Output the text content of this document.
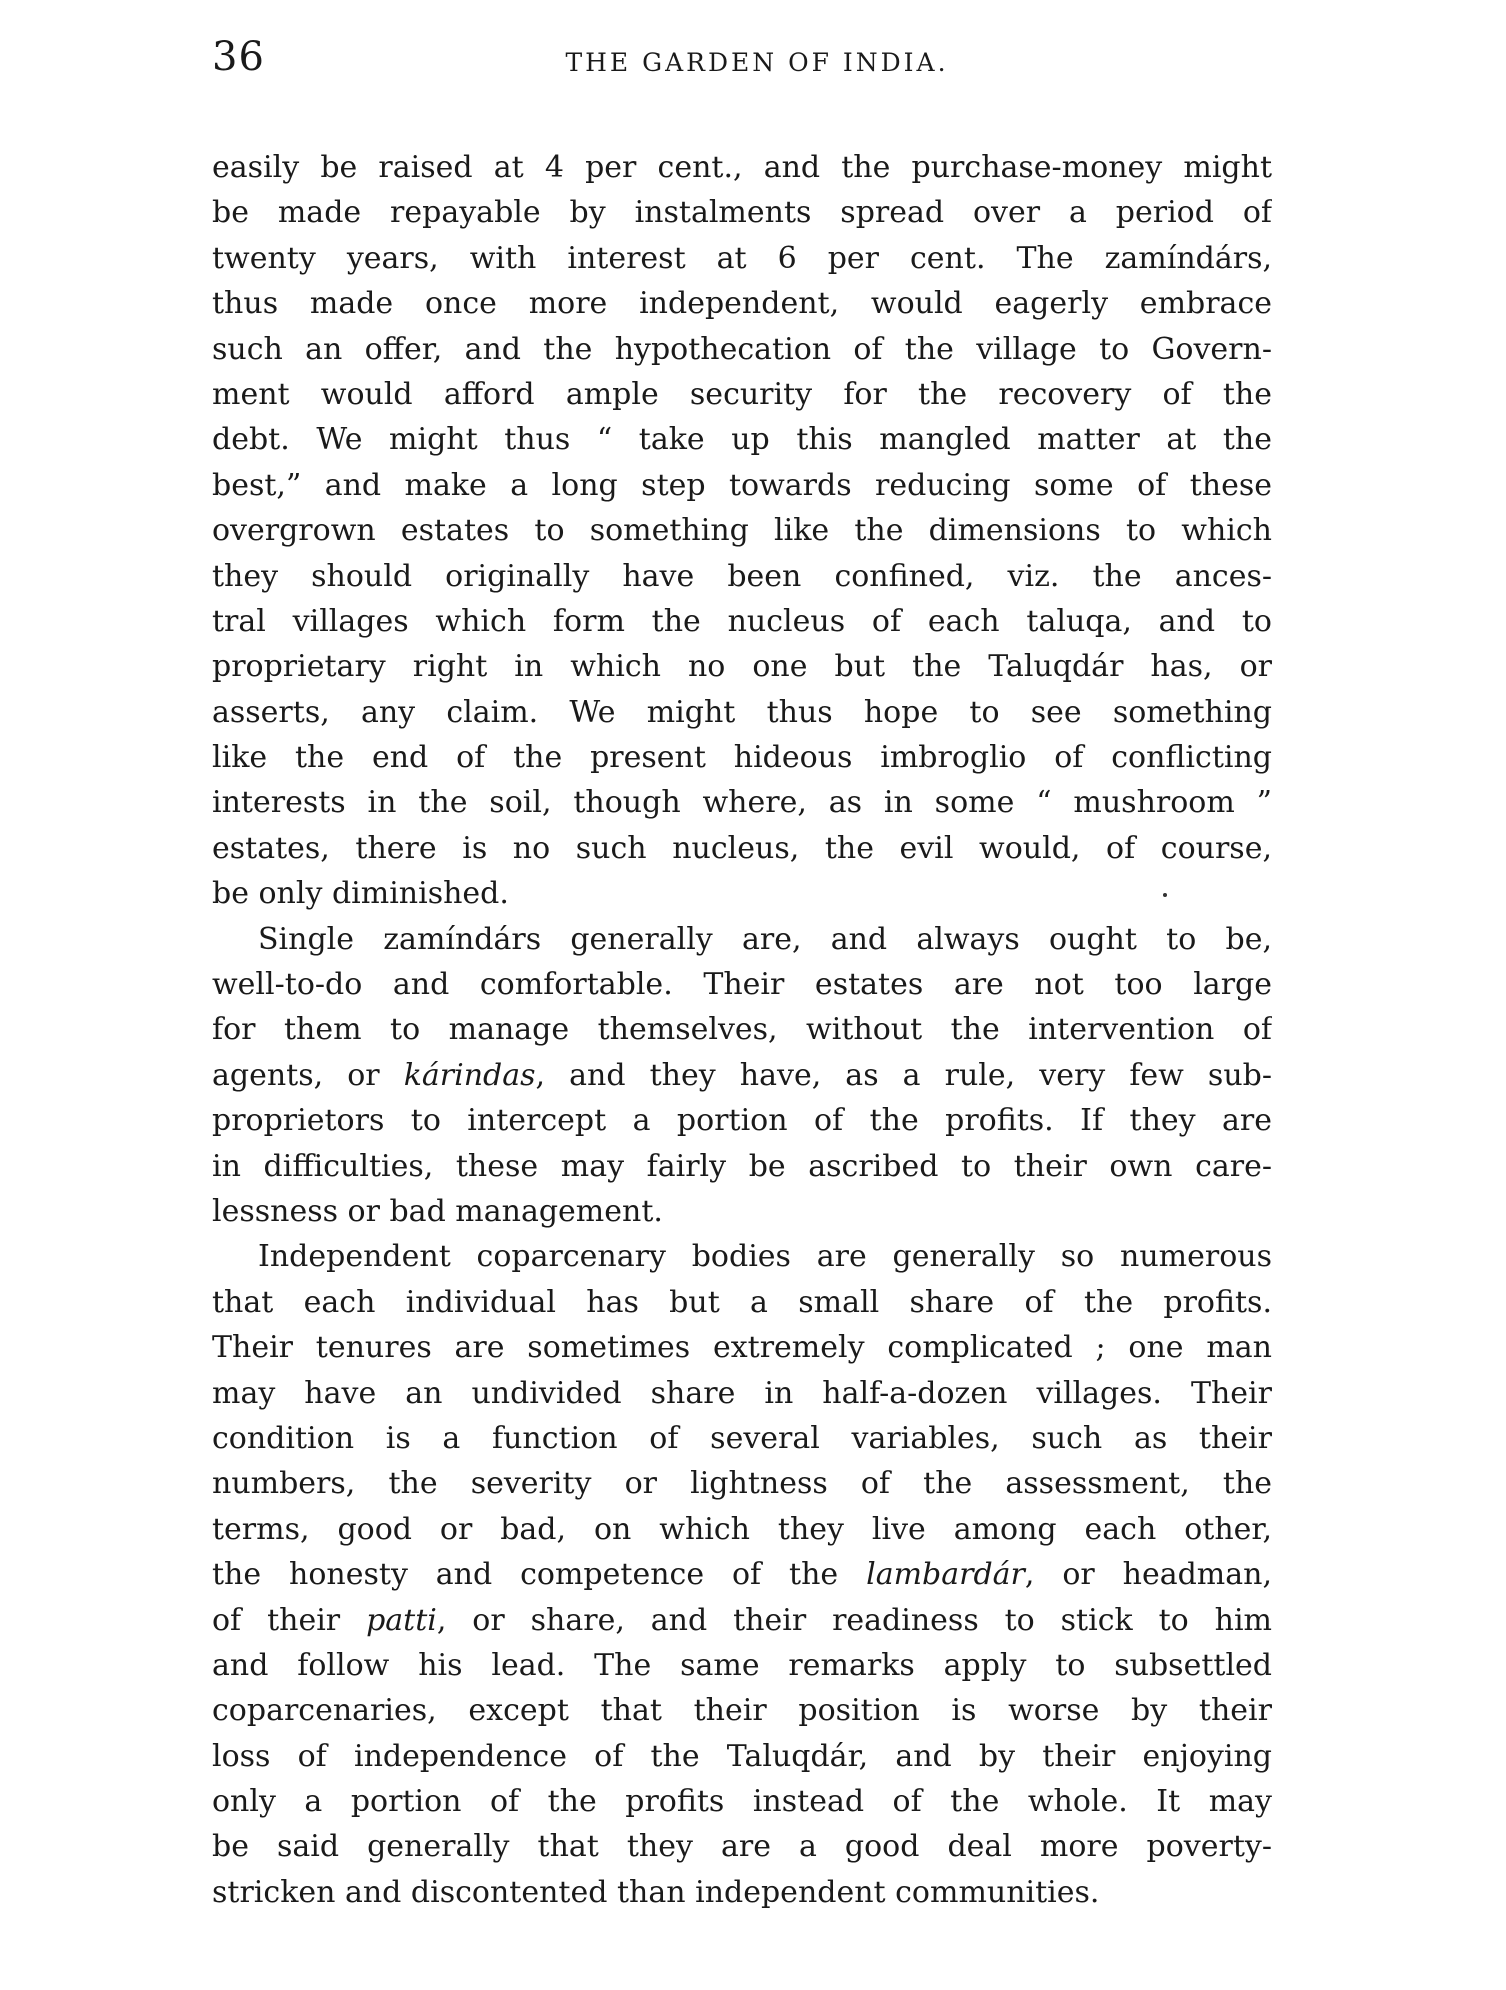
36	THE GARDEN OF INDIA.
easily be raised at 4 per cent., and the purchase-money might
be made repayable by instalments spread over a period of
twenty years, with interest at 6 per cent. The zamíndárs,
thus made once more independent, would eagerly embrace
such an offer, and the hypothecation of the village to Govern-
ment would afford ample security for the recovery of the
debt. We might thus “ take up this mangled matter at the
best,” and make a long step towards reducing some of these
overgrown estates to something like the dimensions to which
they should originally have been confined, viz. the ances-
tral villages which form the nucleus of each taluqa, and to
proprietary right in which no one but the Taluqdár has, or
asserts, any claim. We might thus hope to see something
like the end of the present hideous imbroglio of conflicting
interests in the soil, though where, as in some “ mushroom ”
estates, there is no such nucleus, the evil would, of course,
be only diminished.
Single zamíndárs generally are, and always ought to be,
well-to-do and comfortable. Their estates are not too large
for them to manage themselves, without the intervention of
agents, or kárindas, and they have, as a rule, very few sub-
proprietors to intercept a portion of the profits. If they are
in difficulties, these may fairly be ascribed to their own care-
lessness or bad management.
Independent coparcenary bodies are generally so numerous
that each individual has but a small share of the profits.
Their tenures are sometimes extremely complicated ; one man
may have an undivided share in half-a-dozen villages. Their
condition is a function of several variables, such as their
numbers, the severity or lightness of the assessment, the
terms, good or bad, on which they live among each other,
the honesty and competence of the lambardár, or headman,
of their patti, or share, and their readiness to stick to him
and follow his lead. The same remarks apply to subsettled
coparcenaries, except that their position is worse by their
loss of independence of the Taluqdár, and by their enjoying
only a portion of the profits instead of the whole. It may
be said generally that they are a good deal more poverty-
stricken and discontented than independent communities.
